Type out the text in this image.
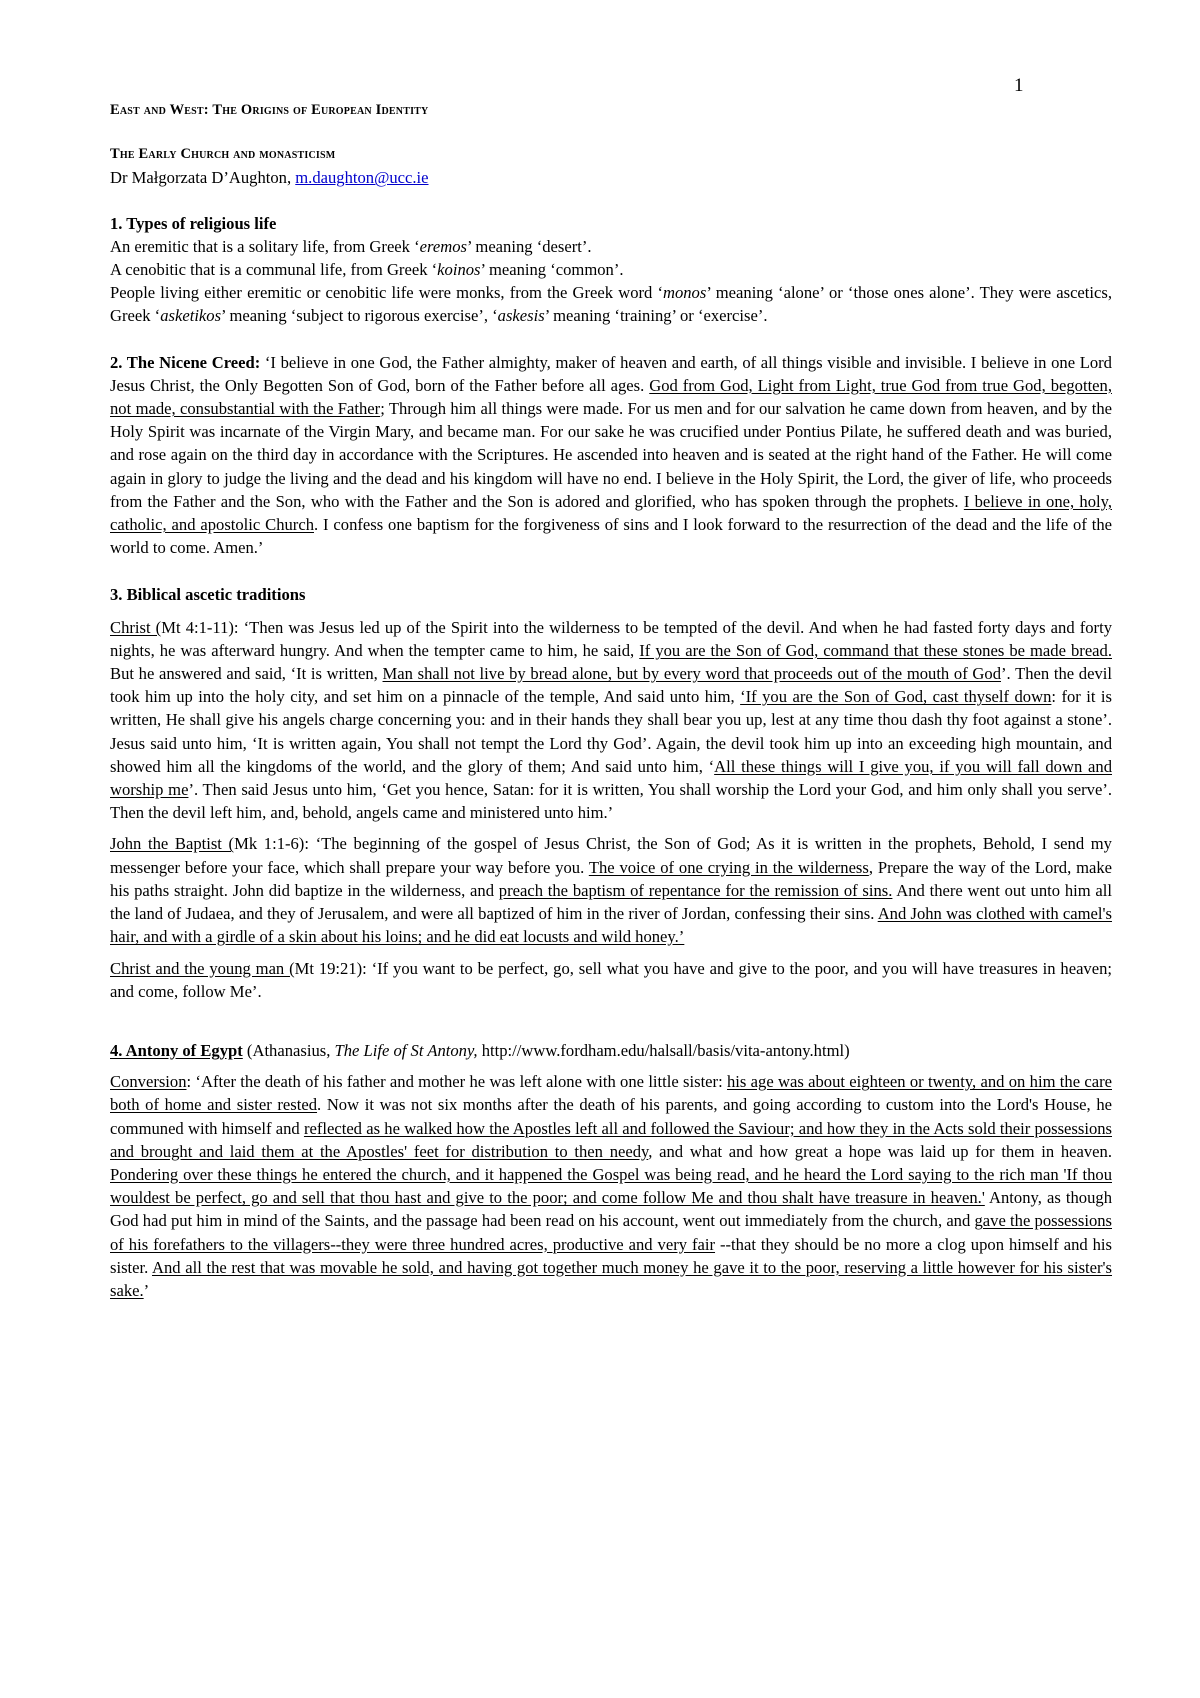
1
East and West: The Origins of European Identity
The Early Church and monasticism
Dr Małgorzata D’Aughton, m.daughton@ucc.ie
1. Types of religious life

An eremitic that is a solitary life, from Greek ‘eremos’ meaning ‘desert’.

A cenobitic that is a communal life, from Greek ‘koinos’ meaning ‘common’.

People living either eremitic or cenobitic life were monks, from the Greek word ‘monos’ meaning ‘alone’ or ‘those ones alone’. They were ascetics, Greek ‘asketikos’ meaning ‘subject to rigorous exercise’, ‘askesis’ meaning ‘training’ or ‘exercise’.

2. The Nicene Creed: ‘I believe in one God, the Father almighty, maker of heaven and earth, of all things visible and invisible. I believe in one Lord Jesus Christ, the Only Begotten Son of God, born of the Father before all ages. God from God, Light from Light, true God from true God, begotten, not made, consubstantial with the Father; Through him all things were made. For us men and for our salvation he came down from heaven, and by the Holy Spirit was incarnate of the Virgin Mary, and became man. For our sake he was crucified under Pontius Pilate, he suffered death and was buried, and rose again on the third day in accordance with the Scriptures. He ascended into heaven and is seated at the right hand of the Father. He will come again in glory to judge the living and the dead and his kingdom will have no end. I believe in the Holy Spirit, the Lord, the giver of life, who proceeds from the Father and the Son, who with the Father and the Son is adored and glorified, who has spoken through the prophets. I believe in one, holy, catholic, and apostolic Church. I confess one baptism for the forgiveness of sins and I look forward to the resurrection of the dead and the life of the world to come. Amen.’

3. Biblical ascetic traditions

Christ (Mt 4:1-11): ‘Then was Jesus led up of the Spirit into the wilderness to be tempted of the devil. And when he had fasted forty days and forty nights, he was afterward hungry. And when the tempter came to him, he said, If you are the Son of God, command that these stones be made bread. But he answered and said, ‘It is written, Man shall not live by bread alone, but by every word that proceeds out of the mouth of God’. Then the devil took him up into the holy city, and set him on a pinnacle of the temple, And said unto him, ‘If you are the Son of God, cast thyself down: for it is written, He shall give his angels charge concerning you: and in their hands they shall bear you up, lest at any time thou dash thy foot against a stone’. Jesus said unto him, ‘It is written again, You shall not tempt the Lord thy God’. Again, the devil took him up into an exceeding high mountain, and showed him all the kingdoms of the world, and the glory of them; And said unto him, ‘All these things will I give you, if you will fall down and worship me’. Then said Jesus unto him, ‘Get you hence, Satan: for it is written, You shall worship the Lord your God, and him only shall you serve’. Then the devil left him, and, behold, angels came and ministered unto him.’

John the Baptist (Mk 1:1-6): ‘The beginning of the gospel of Jesus Christ, the Son of God; As it is written in the prophets, Behold, I send my messenger before your face, which shall prepare your way before you. The voice of one crying in the wilderness, Prepare the way of the Lord, make his paths straight. John did baptize in the wilderness, and preach the baptism of repentance for the remission of sins. And there went out unto him all the land of Judaea, and they of Jerusalem, and were all baptized of him in the river of Jordan, confessing their sins. And John was clothed with camel's hair, and with a girdle of a skin about his loins; and he did eat locusts and wild honey.’

Christ and the young man (Mt 19:21): ‘If you want to be perfect, go, sell what you have and give to the poor, and you will have treasures in heaven; and come, follow Me’.

4. Antony of Egypt (Athanasius, The Life of St Antony, http://www.fordham.edu/halsall/basis/vita-antony.html)

Conversion: ‘After the death of his father and mother he was left alone with one little sister: his age was about eighteen or twenty, and on him the care both of home and sister rested. Now it was not six months after the death of his parents, and going according to custom into the Lord's House, he communed with himself and reflected as he walked how the Apostles left all and followed the Saviour; and how they in the Acts sold their possessions and brought and laid them at the Apostles' feet for distribution to then needy, and what and how great a hope was laid up for them in heaven. Pondering over these things he entered the church, and it happened the Gospel was being read, and he heard the Lord saying to the rich man 'If thou wouldest be perfect, go and sell that thou hast and give to the poor; and come follow Me and thou shalt have treasure in heaven.' Antony, as though God had put him in mind of the Saints, and the passage had been read on his account, went out immediately from the church, and gave the possessions of his forefathers to the villagers--they were three hundred acres, productive and very fair --that they should be no more a clog upon himself and his sister. And all the rest that was movable he sold, and having got together much money he gave it to the poor, reserving a little however for his sister's sake.’
